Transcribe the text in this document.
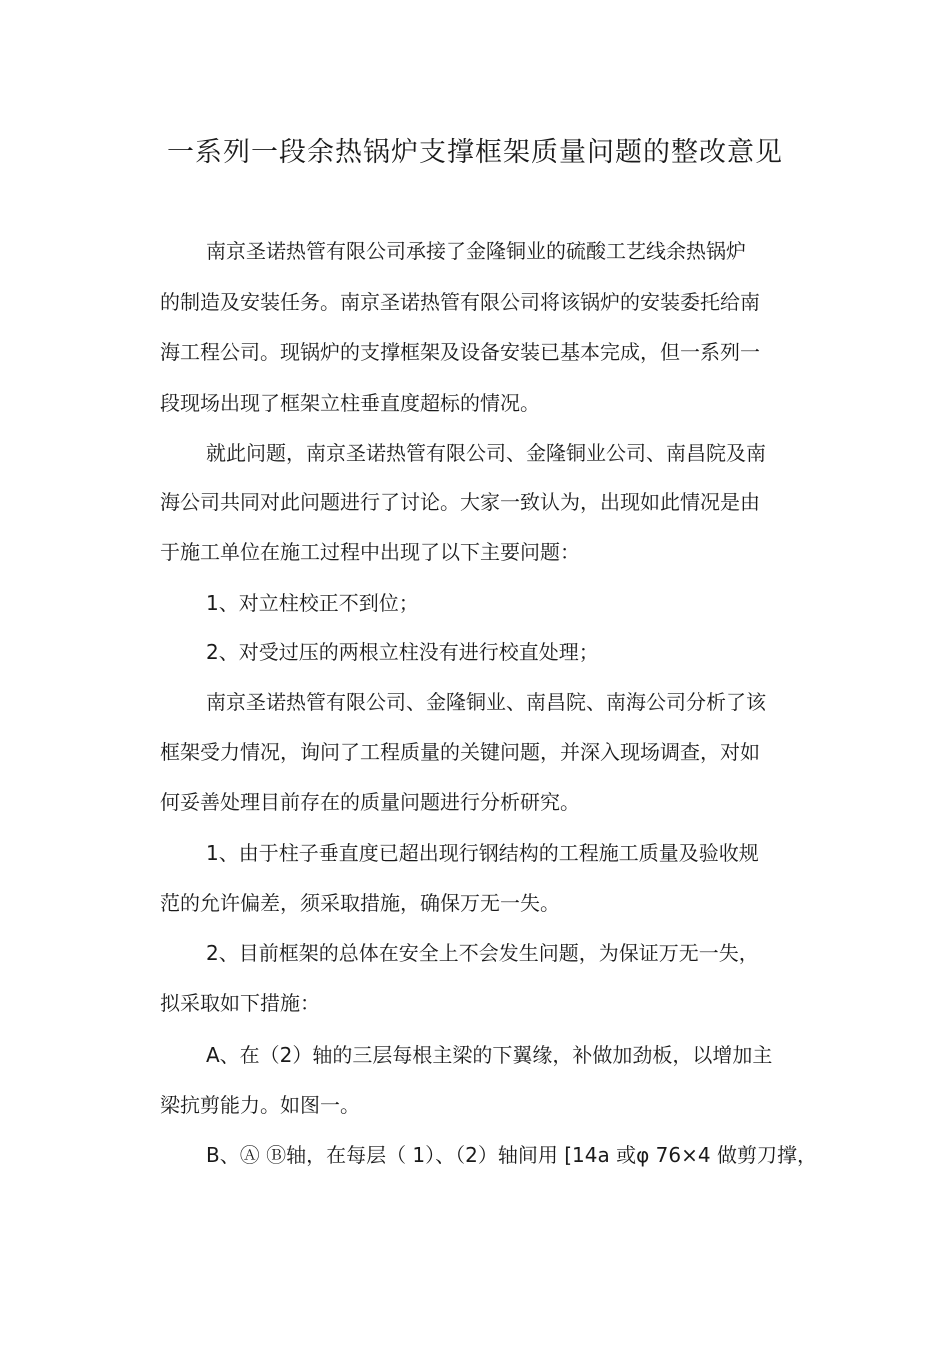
一系列一段余热锅炉支撑框架质量问题的整改意见
南京圣诺热管有限公司承接了金隆铜业的硫酸工艺线余热锅炉
的制造及安装任务。南京圣诺热管有限公司将该锅炉的安装委托给南
海工程公司。现锅炉的支撑框架及设备安装已基本完成，但一系列一
段现场出现了框架立柱垂直度超标的情况。
就此问题，南京圣诺热管有限公司、金隆铜业公司、南昌院及南
海公司共同对此问题进行了讨论。大家一致认为，出现如此情况是由
于施工单位在施工过程中出现了以下主要问题：
1、对立柱校正不到位；
2、对受过压的两根立柱没有进行校直处理；
南京圣诺热管有限公司、金隆铜业、南昌院、南海公司分析了该
框架受力情况，询问了工程质量的关键问题，并深入现场调查，对如
何妥善处理目前存在的质量问题进行分析研究。
1、由于柱子垂直度已超出现行钢结构的工程施工质量及验收规
范的允许偏差，须采取措施，确保万无一失。
2、目前框架的总体在安全上不会发生问题，为保证万无一失，
拟采取如下措施：
A、在（2）轴的三层每根主梁的下翼缘，补做加劲板，以增加主
梁抗剪能力。如图一。
B、Ⓐ Ⓑ轴，在每层（ 1）、（2）轴间用 [14a 或φ 76×4 做剪刀撑，
